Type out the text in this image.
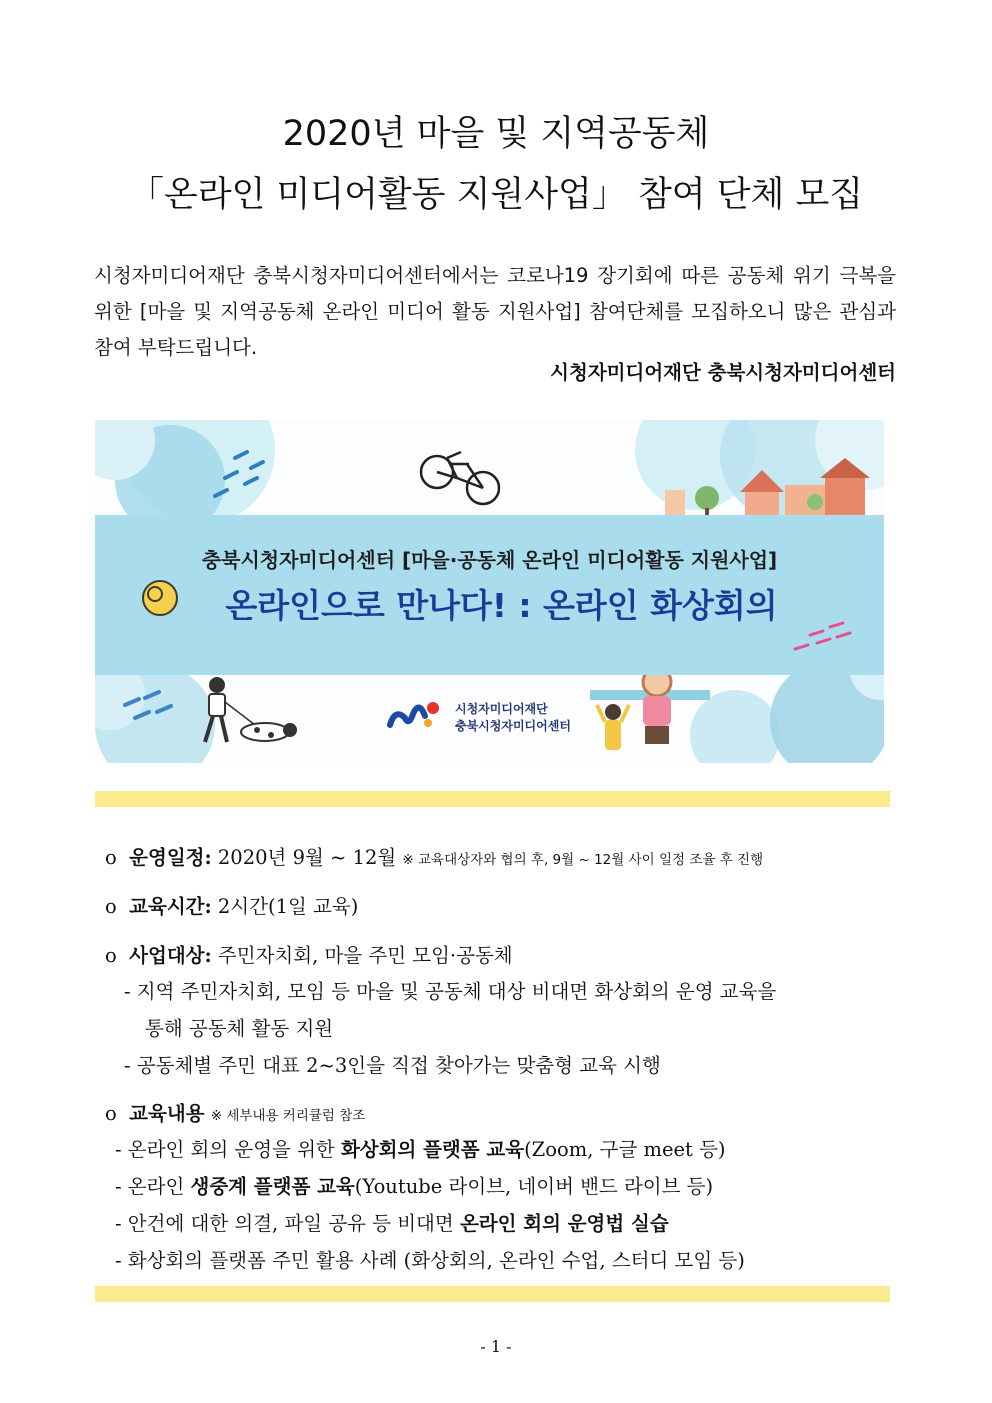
2020년 마을 및 지역공동체
「온라인 미디어활동 지원사업」 참여 단체 모집
시청자미디어재단 충북시청자미디어센터에서는 코로나19 장기회에 따른 공동체 위기 극복을 위한 [마을 및 지역공동체 온라인 미디어 활동 지원사업] 참여단체를 모집하오니 많은 관심과 참여 부탁드립니다.
시청자미디어재단 충북시청자미디어센터
충북시청자미디어센터 [마을·공동체 온라인 미디어활동 지원사업]
온라인으로 만나다! : 온라인 화상회의
시청자미디어재단
충북시청자미디어센터
o 운영일정: 2020년 9월 ~ 12월 ※ 교육대상자와 협의 후, 9월 ~ 12월 사이 일정 조율 후 진행
o 교육시간: 2시간(1일 교육)
o 사업대상: 주민자치회, 마을 주민 모임·공동체
- 지역 주민자치회, 모임 등 마을 및 공동체 대상 비대면 화상회의 운영 교육을
통해 공동체 활동 지원
- 공동체별 주민 대표 2~3인을 직접 찾아가는 맞춤형 교육 시행
o 교육내용 ※ 세부내용 커리큘럼 참조
- 온라인 회의 운영을 위한 화상회의 플랫폼 교육(Zoom, 구글 meet 등)
- 온라인 생중계 플랫폼 교육(Youtube 라이브, 네이버 밴드 라이브 등)
- 안건에 대한 의결, 파일 공유 등 비대면 온라인 회의 운영법 실습
- 화상회의 플랫폼 주민 활용 사례 (화상회의, 온라인 수업, 스터디 모임 등)
- 1 -
